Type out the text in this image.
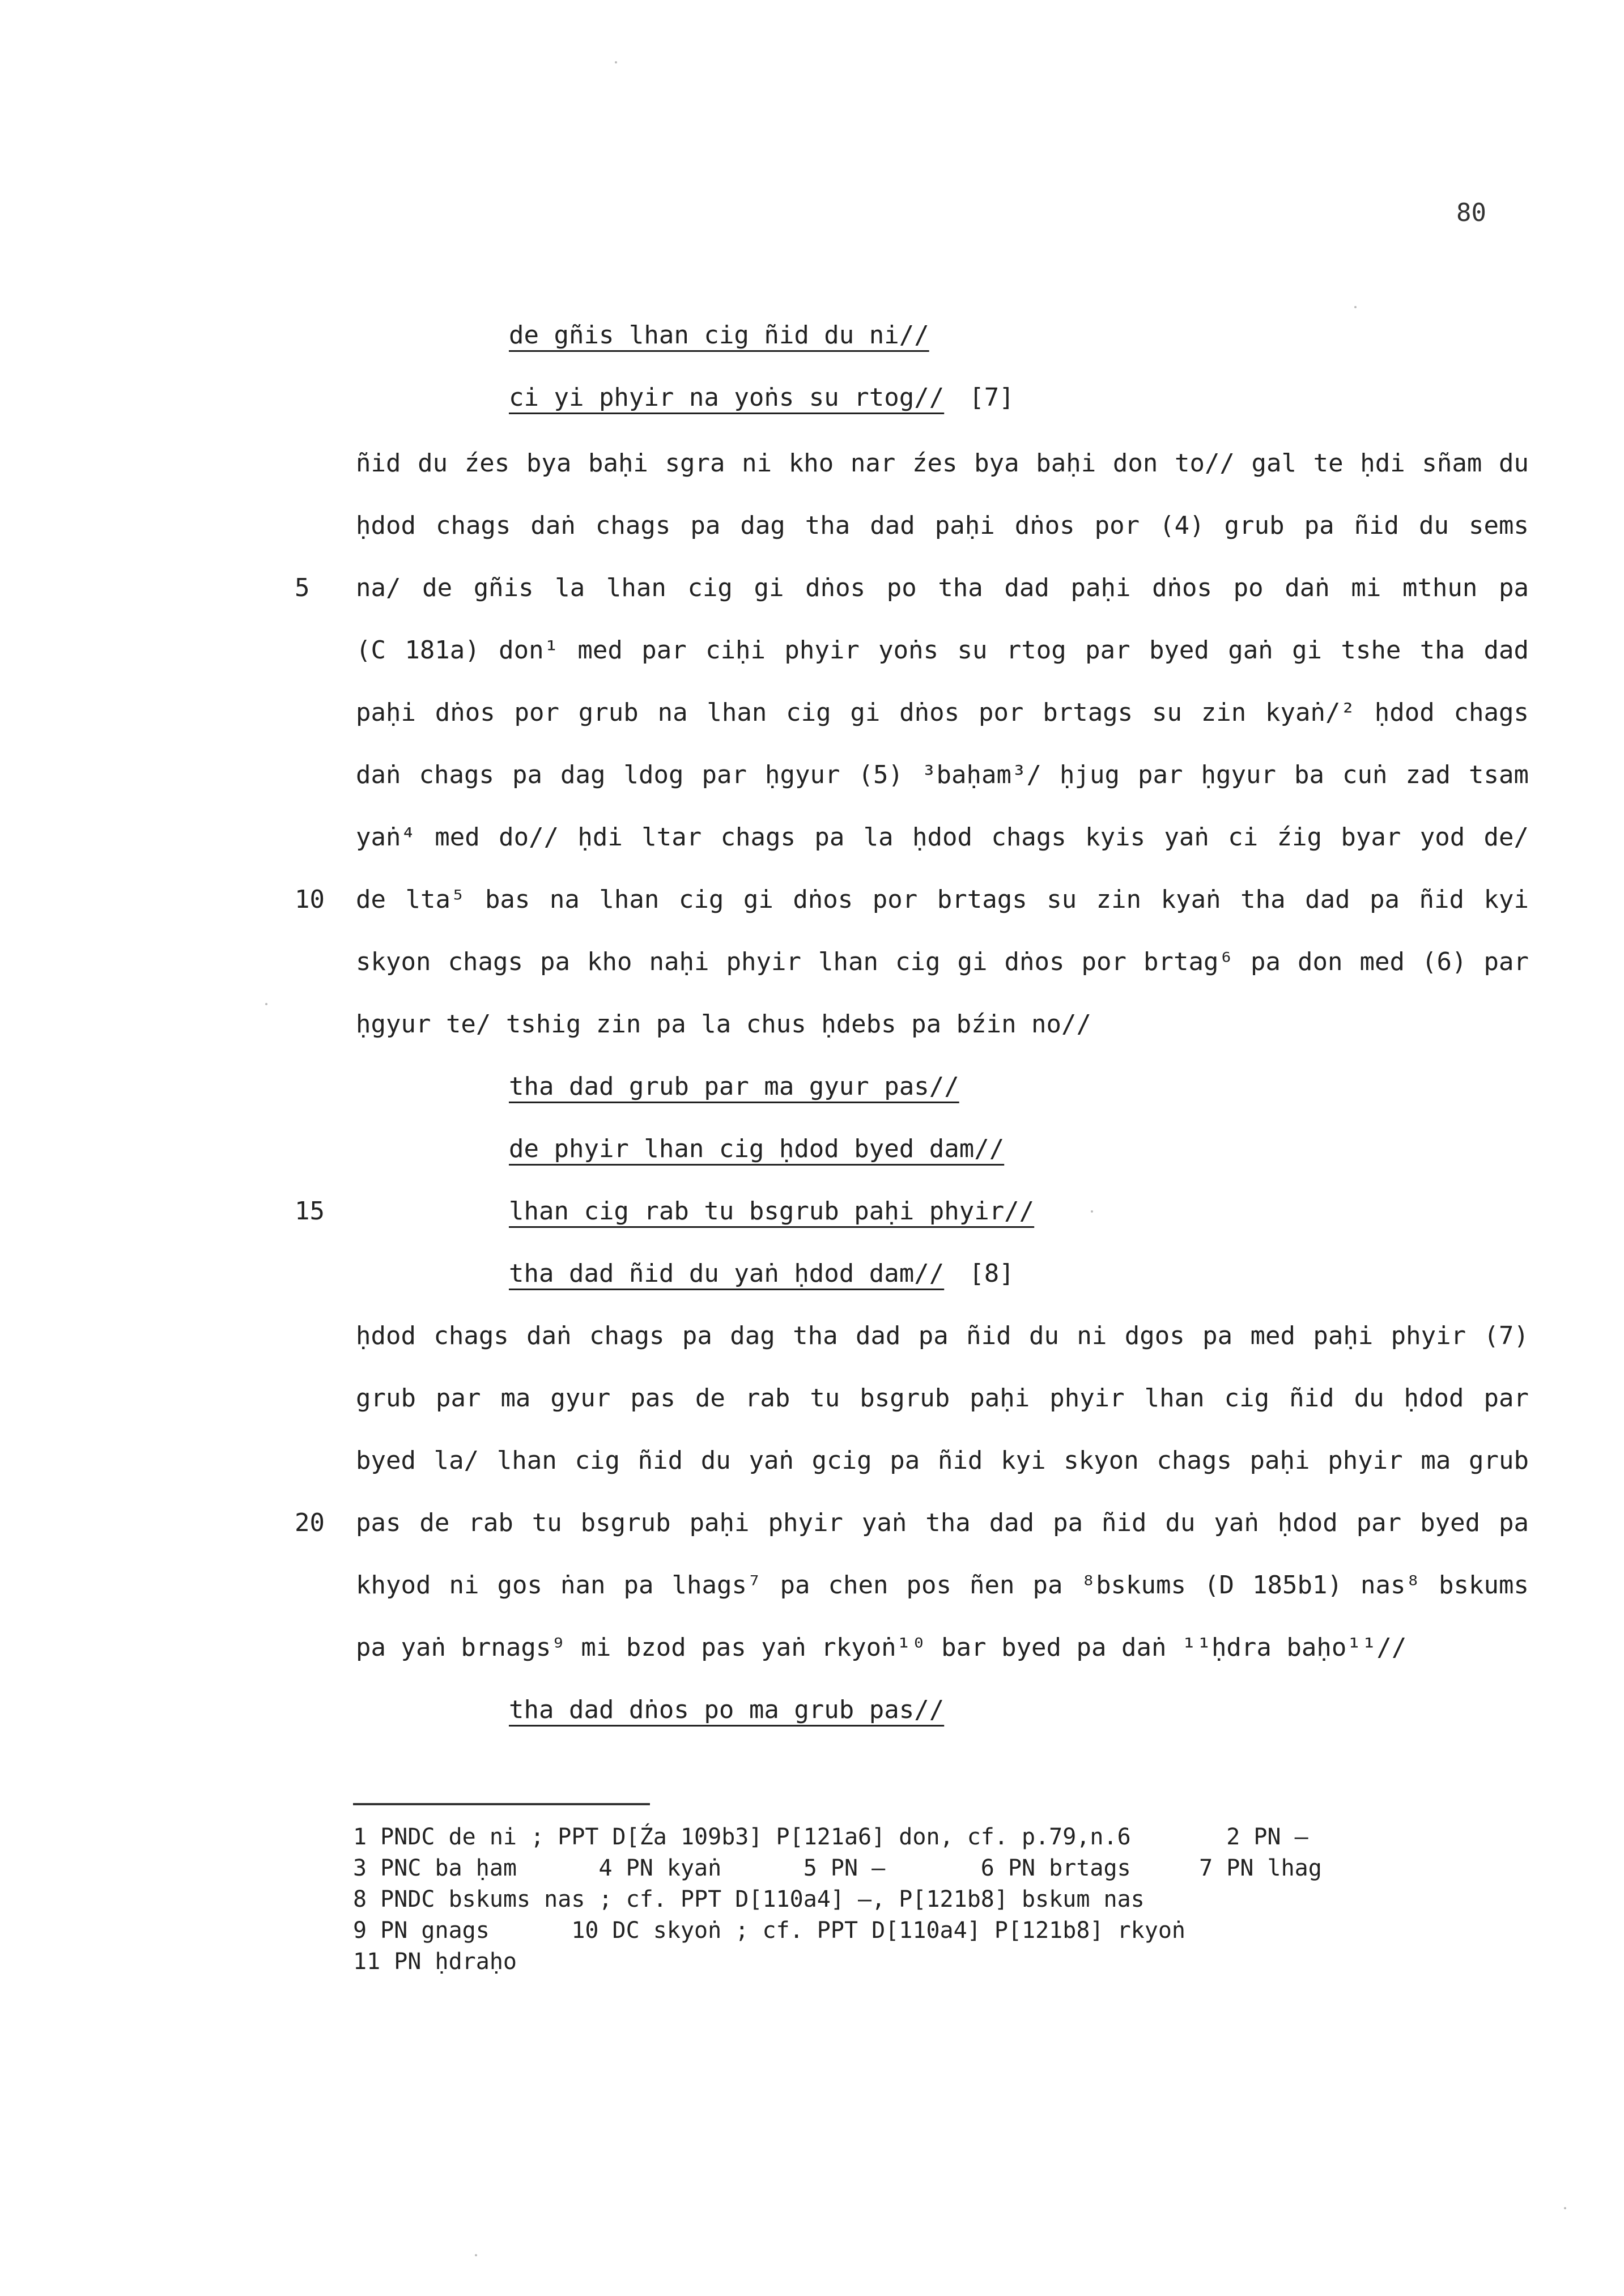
80
de gñis lhan cig ñid du ni//
ci yi phyir na yoṅs su rtog// [7]
ñid du źes bya baḥi sgra ni kho nar źes bya baḥi don to// gal te ḥdi sñam du
ḥdod chags daṅ chags pa dag tha dad paḥi dṅos por (4) grub pa ñid du sems
5 na/ de gñis la lhan cig gi dṅos po tha dad paḥi dṅos po daṅ mi mthun pa
(C 181a) don¹ med par ciḥi phyir yoṅs su rtog par byed gaṅ gi tshe tha dad
paḥi dṅos por grub na lhan cig gi dṅos por brtags su zin kyaṅ/² ḥdod chags
daṅ chags pa dag ldog par ḥgyur (5) ³baḥam³/ ḥjug par ḥgyur ba cuṅ zad tsam
yaṅ⁴ med do// ḥdi ltar chags pa la ḥdod chags kyis yaṅ ci źig byar yod de/
10 de lta⁵ bas na lhan cig gi dṅos por brtags su zin kyaṅ tha dad pa ñid kyi
skyon chags pa kho naḥi phyir lhan cig gi dṅos por brtag⁶ pa don med (6) par
ḥgyur te/ tshig zin pa la chus ḥdebs pa bźin no//
tha dad grub par ma gyur pas//
de phyir lhan cig ḥdod byed dam//
15	lhan cig rab tu bsgrub paḥi phyir//
tha dad ñid du yaṅ ḥdod dam// [8]
ḥdod chags daṅ chags pa dag tha dad pa ñid du ni dgos pa med paḥi phyir (7)
grub par ma gyur pas de rab tu bsgrub paḥi phyir lhan cig ñid du ḥdod par
byed la/ lhan cig ñid du yaṅ gcig pa ñid kyi skyon chags paḥi phyir ma grub
20 pas de rab tu bsgrub paḥi phyir yaṅ tha dad pa ñid du yaṅ ḥdod par byed pa
khyod ni gos ṅan pa lhags⁷ pa chen pos ñen pa ⁸bskums (D 185b1) nas⁸ bskums
pa yaṅ brnags⁹ mi bzod pas yaṅ rkyoṅ¹⁰ bar byed pa daṅ ¹¹ḥdra baḥo¹¹//
tha dad dṅos po ma grub pas//
1 PNDC de ni ; PPT D[Źa 109b3] P[121a6] don, cf. p.79,n.6       2 PN —
3 PNC ba ḥam      4 PN kyaṅ      5 PN —       6 PN brtags     7 PN lhag
8 PNDC bskums nas ; cf. PPT D[110a4] —, P[121b8] bskum nas
9 PN gnags      10 DC skyoṅ ; cf. PPT D[110a4] P[121b8] rkyoṅ
11 PN ḥdraḥo
